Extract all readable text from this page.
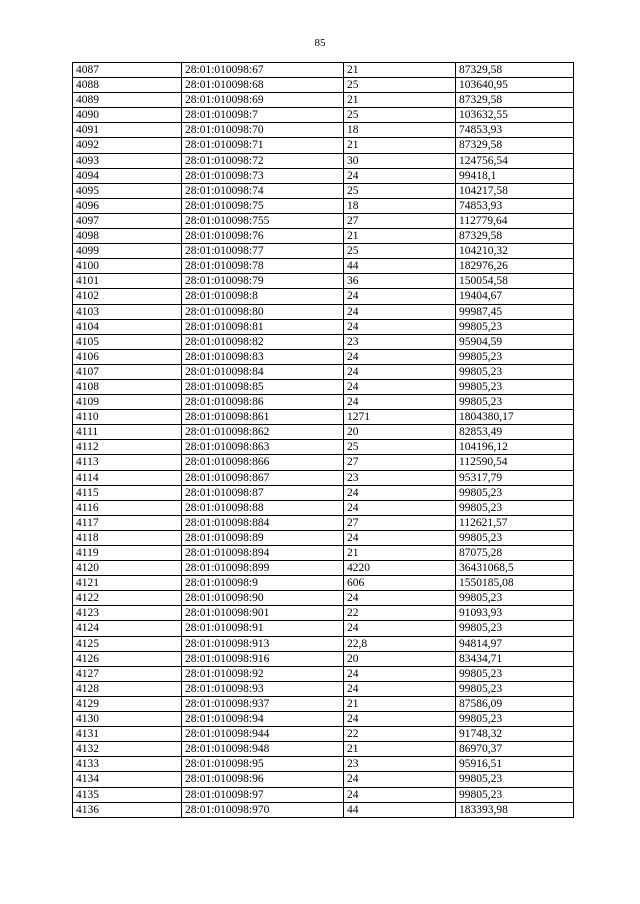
85
4087	28:01:010098:67	21	87329,58
4088	28:01:010098:68	25	103640,95
4089	28:01:010098:69	21	87329,58
4090	28:01:010098:7	25	103632,55
4091	28:01:010098:70	18	74853,93
4092	28:01:010098:71	21	87329,58
4093	28:01:010098:72	30	124756,54
4094	28:01:010098:73	24	99418,1
4095	28:01:010098:74	25	104217,58
4096	28:01:010098:75	18	74853,93
4097	28:01:010098:755	27	112779,64
4098	28:01:010098:76	21	87329,58
4099	28:01:010098:77	25	104210,32
4100	28:01:010098:78	44	182976,26
4101	28:01:010098:79	36	150054,58
4102	28:01:010098:8	24	19404,67
4103	28:01:010098:80	24	99987,45
4104	28:01:010098:81	24	99805,23
4105	28:01:010098:82	23	95904,59
4106	28:01:010098:83	24	99805,23
4107	28:01:010098:84	24	99805,23
4108	28:01:010098:85	24	99805,23
4109	28:01:010098:86	24	99805,23
4110	28:01:010098:861	1271	1804380,17
4111	28:01:010098:862	20	82853,49
4112	28:01:010098:863	25	104196,12
4113	28:01:010098:866	27	112590,54
4114	28:01:010098:867	23	95317,79
4115	28:01:010098:87	24	99805,23
4116	28:01:010098:88	24	99805,23
4117	28:01:010098:884	27	112621,57
4118	28:01:010098:89	24	99805,23
4119	28:01:010098:894	21	87075,28
4120	28:01:010098:899	4220	36431068,5
4121	28:01:010098:9	606	1550185,08
4122	28:01:010098:90	24	99805,23
4123	28:01:010098:901	22	91093,93
4124	28:01:010098:91	24	99805,23
4125	28:01:010098:913	22,8	94814,97
4126	28:01:010098:916	20	83434,71
4127	28:01:010098:92	24	99805,23
4128	28:01:010098:93	24	99805,23
4129	28:01:010098:937	21	87586,09
4130	28:01:010098:94	24	99805,23
4131	28:01:010098:944	22	91748,32
4132	28:01:010098:948	21	86970,37
4133	28:01:010098:95	23	95916,51
4134	28:01:010098:96	24	99805,23
4135	28:01:010098:97	24	99805,23
4136	28:01:010098:970	44	183393,98
